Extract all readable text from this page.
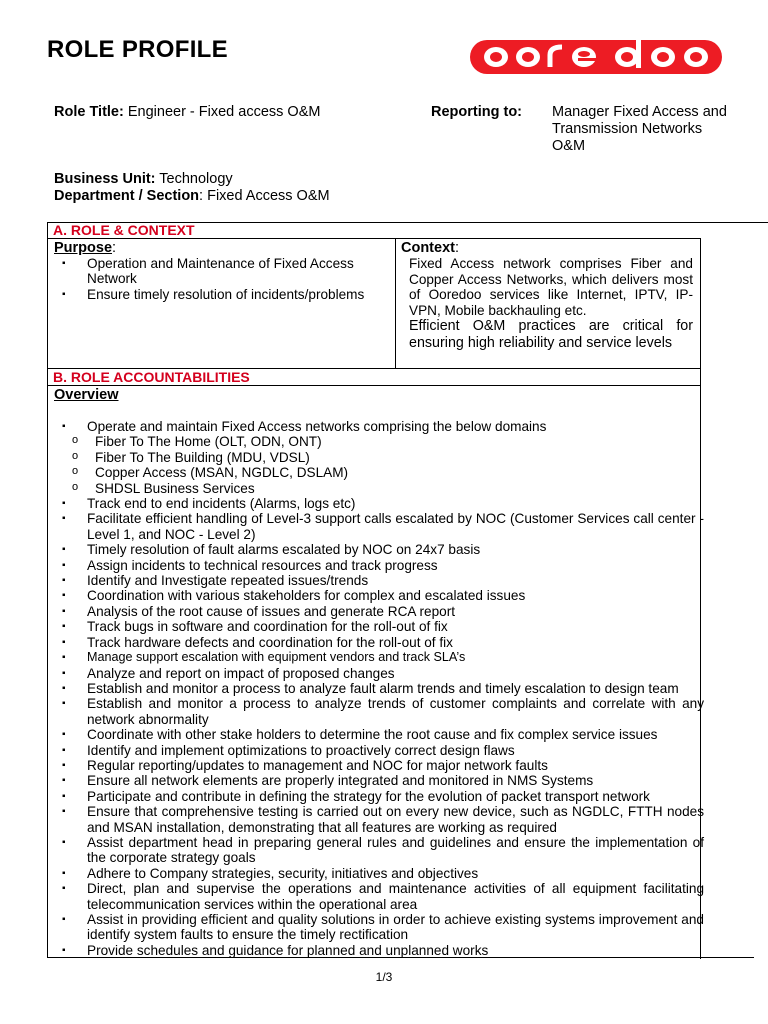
ROLE PROFILE
Role Title: Engineer - Fixed access O&M	Reporting to: Manager Fixed Access and
Transmission Networks
O&M
Business Unit: Technology
Department / Section: Fixed Access O&M
A. ROLE & CONTEXT
Purpose:
▪ Operation and Maintenance of Fixed Access Network
▪ Ensure timely resolution of incidents/problems
Context:

Fixed Access network comprises Fiber and Copper Access Networks, which delivers most of Ooredoo services like Internet, IPTV, IP-VPN, Mobile backhauling etc.

Efficient O&M practices are critical for ensuring high reliability and service levels

B. ROLE ACCOUNTABILITIES
Overview
▪ Operate and maintain Fixed Access networks comprising the below domains
o Fiber To The Home (OLT, ODN, ONT)
o Fiber To The Building (MDU, VDSL)
o Copper Access (MSAN, NGDLC, DSLAM)
o SHDSL Business Services
▪ Track end to end incidents (Alarms, logs etc)
▪ Facilitate efficient handling of Level-3 support calls escalated by NOC (Customer Services call center - Level 1, and NOC - Level 2)
▪ Timely resolution of fault alarms escalated by NOC on 24x7 basis
▪ Assign incidents to technical resources and track progress
▪ Identify and Investigate repeated issues/trends
▪ Coordination with various stakeholders for complex and escalated issues
▪ Analysis of the root cause of issues and generate RCA report
▪ Track bugs in software and coordination for the roll-out of fix
▪ Track hardware defects and coordination for the roll-out of fix
▪ Manage support escalation with equipment vendors and track SLA’s
▪ Analyze and report on impact of proposed changes
▪ Establish and monitor a process to analyze fault alarm trends and timely escalation to design team
▪ Establish and monitor a process to analyze trends of customer complaints and correlate with any network abnormality
▪ Coordinate with other stake holders to determine the root cause and fix complex service issues
▪ Identify and implement optimizations to proactively correct design flaws
▪ Regular reporting/updates to management and NOC for major network faults
▪ Ensure all network elements are properly integrated and monitored in NMS Systems
▪ Participate and contribute in defining the strategy for the evolution of packet transport network
▪ Ensure that comprehensive testing is carried out on every new device, such as NGDLC, FTTH nodes and MSAN installation, demonstrating that all features are working as required
▪ Assist department head in preparing general rules and guidelines and ensure the implementation of the corporate strategy goals
▪ Adhere to Company strategies, security, initiatives and objectives
▪ Direct, plan and supervise the operations and maintenance activities of all equipment facilitating telecommunication services within the operational area
▪ Assist in providing efficient and quality solutions in order to achieve existing systems improvement and identify system faults to ensure the timely rectification
▪ Provide schedules and guidance for planned and unplanned works
1/3
